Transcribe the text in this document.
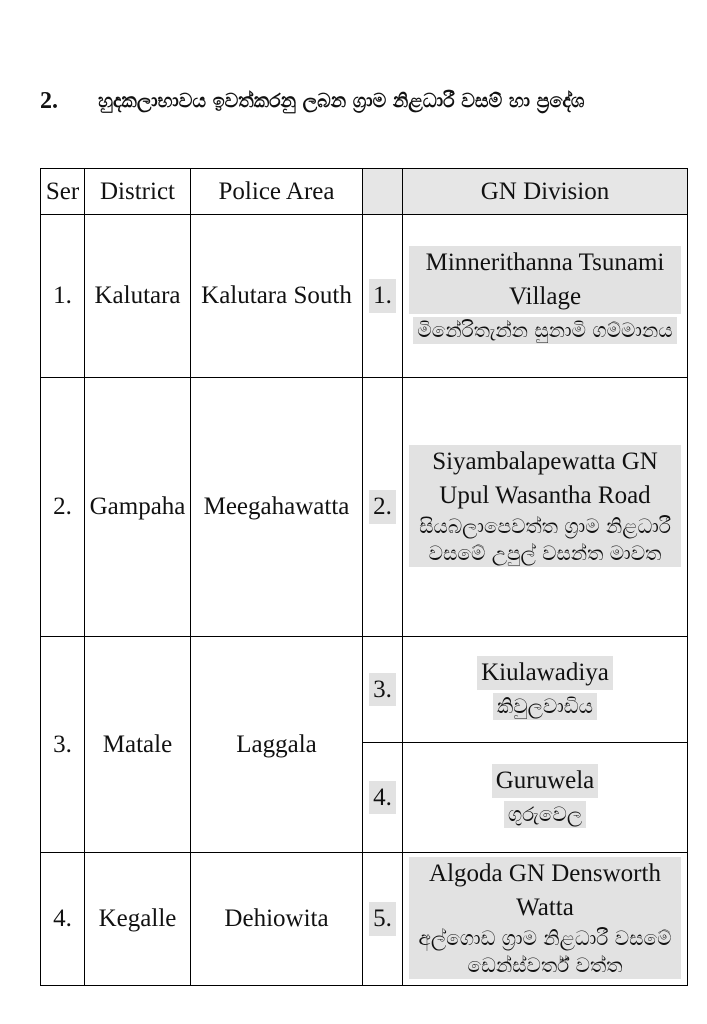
2. හුදකලාභාවය ඉවත්කරනු ලබන ග්‍රාම නිළධාරී වසම් හා ප්‍රදේශ
Ser	District	Police Area		GN Division
1.	Kalutara	Kalutara South	1.	Minnerithanna Tsunami Village
මිනේරිතැන්න සුනාමි ගම්මානය
2.	Gampaha	Meegahawatta	2.	Siyambalapewatta GN Upul Wasantha Road
සියබලාපෙවත්ත ග්‍රාම නිළධාරී වසමේ උපුල් වසන්ත මාවත
3.	Matale	Laggala	3.	Kiulawadiya
කිවුලවාඩිය
			4.	Guruwela
ගුරුවෙල
4.	Kegalle	Dehiowita	5.	Algoda GN Densworth Watta
අල්ගොඩ ග්‍රාම නිළධාරී වසමේ ඩෙන්ස්වර්ත් වත්ත
